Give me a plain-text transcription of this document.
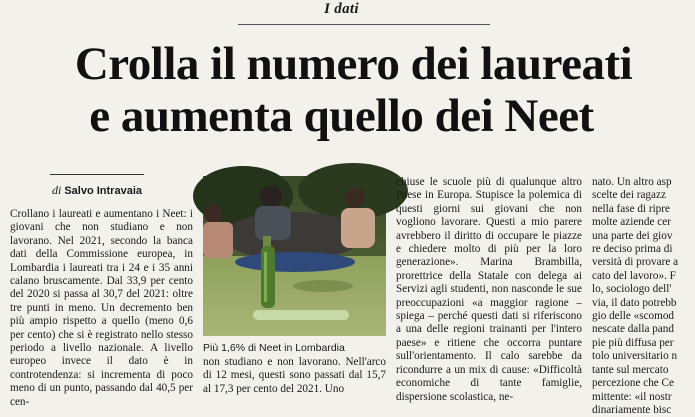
I dati
Crolla il numero dei laureati
e aumenta quello dei Neet
di Salvo Intravaia

Crollano i laureati e aumentano i Neet: i giovani che non studiano e non lavorano. Nel 2021, secondo la banca dati della Commissione europea, in Lombardia i laureati tra i 24 e i 35 anni calano bruscamente. Dal 33,9 per cento del 2020 si passa al 30,7 del 2021: oltre tre punti in meno. Un decremento ben più ampio rispetto a quello (meno 0,6 per cento) che si è registrato nello stesso periodo a livello nazionale. A livello europeo invece il dato è in controtendenza: si incrementa di poco meno di un punto, passando dal 40,5 per cen-

Più 1,6% di Neet in Lombardia

non studiano e non lavorano. Nell'arco di 12 mesi, questi sono passati dal 15,7 al 17,3 per cento del 2021. Uno

chiuse le scuole più di qualunque altro Paese in Europa. Stupisce la polemica di questi giorni sui giovani che non vogliono lavorare. Questi a mio parere avrebbero il diritto di occupare le piazze e chiedere molto di più per la loro generazione». Marina Brambilla, prorettrice della Statale con delega ai Servizi agli studenti, non nasconde le sue preoccupazioni «a maggior ragione – spiega – perché questi dati si riferiscono a una delle regioni trainanti per l'intero paese» e ritiene che occorra puntare sull'orientamento. Il calo sarebbe da ricondurre a un mix di cause: «Difficoltà economiche di tante famiglie, dispersione scolastica, ne-

nato. Un altro asp
scelte dei ragazz
nella fase di ripre
molte aziende cer
una parte dei giov
re deciso prima di
versità di provare a
cato del lavoro». F
lo, sociologo dell'
via, il dato potrebb
gio delle «scomod
nescate dalla pand
pie più diffusa per
tolo universitario n
tante sul mercato
percezione che Ce
mittente: «il nostr
dinariamente bisc
